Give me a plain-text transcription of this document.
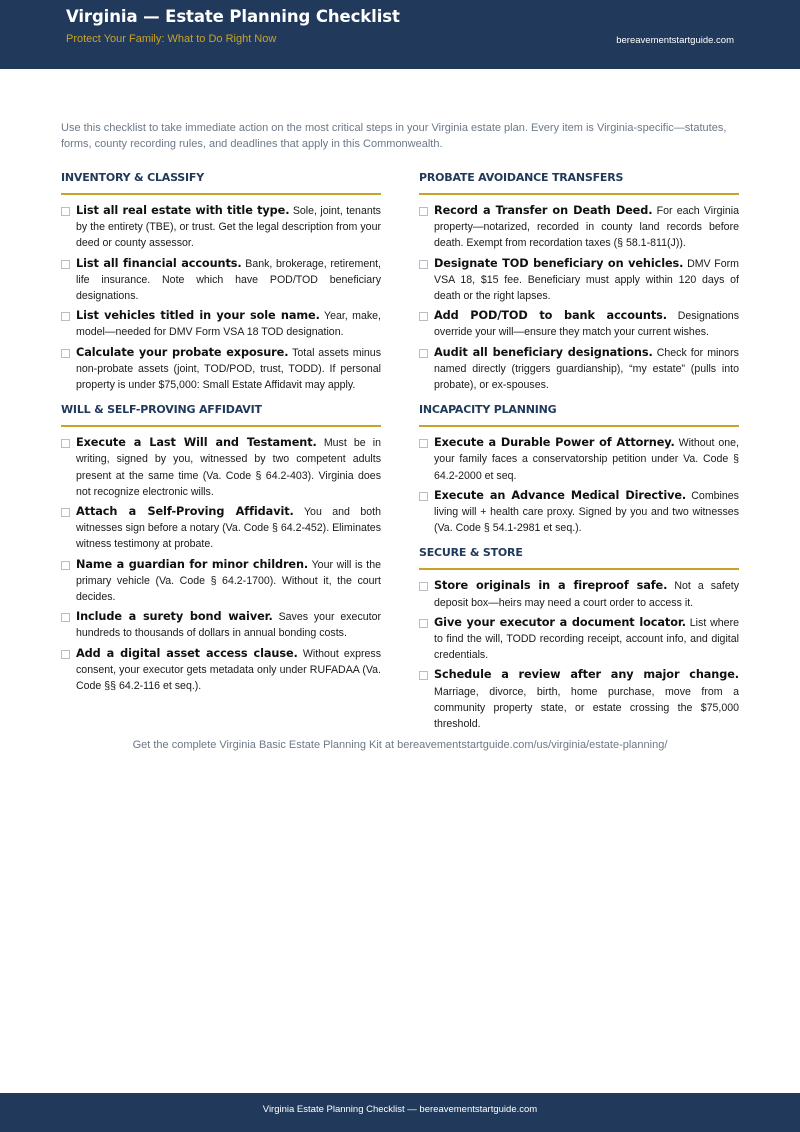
Virginia — Estate Planning Checklist
Protect Your Family: What to Do Right Now	bereavementstartguide.com

Use this checklist to take immediate action on the most critical steps in your Virginia estate plan. Every item is Virginia-specific—statutes, forms, county recording rules, and deadlines that apply in this Commonwealth.

INVENTORY & CLASSIFY
List all real estate with title type. Sole, joint, tenants by the entirety (TBE), or trust. Get the legal description from your deed or county assessor.
List all financial accounts. Bank, brokerage, retirement, life insurance. Note which have POD/TOD beneficiary designations.
List vehicles titled in your sole name. Year, make, model—needed for DMV Form VSA 18 TOD designation.
Calculate your probate exposure. Total assets minus non-probate assets (joint, TOD/POD, trust, TODD). If personal property is under $75,000: Small Estate Affidavit may apply.
WILL & SELF-PROVING AFFIDAVIT
Execute a Last Will and Testament. Must be in writing, signed by you, witnessed by two competent adults present at the same time (Va. Code § 64.2-403). Virginia does not recognize electronic wills.
Attach a Self-Proving Affidavit. You and both witnesses sign before a notary (Va. Code § 64.2-452). Eliminates witness testimony at probate.
Name a guardian for minor children. Your will is the primary vehicle (Va. Code § 64.2-1700). Without it, the court decides.
Include a surety bond waiver. Saves your executor hundreds to thousands of dollars in annual bonding costs.
Add a digital asset access clause. Without express consent, your executor gets metadata only under RUFADAA (Va. Code §§ 64.2-116 et seq.).
PROBATE AVOIDANCE TRANSFERS
Record a Transfer on Death Deed. For each Virginia property—notarized, recorded in county land records before death. Exempt from recordation taxes (§ 58.1-811(J)).
Designate TOD beneficiary on vehicles. DMV Form VSA 18, $15 fee. Beneficiary must apply within 120 days of death or the right lapses.
Add POD/TOD to bank accounts. Designations override your will—ensure they match your current wishes.
Audit all beneficiary designations. Check for minors named directly (triggers guardianship), “my estate” (pulls into probate), or ex-spouses.
INCAPACITY PLANNING
Execute a Durable Power of Attorney. Without one, your family faces a conservatorship petition under Va. Code § 64.2-2000 et seq.
Execute an Advance Medical Directive. Combines living will + health care proxy. Signed by you and two witnesses (Va. Code § 54.1-2981 et seq.).
SECURE & STORE
Store originals in a fireproof safe. Not a safety deposit box—heirs may need a court order to access it.
Give your executor a document locator. List where to find the will, TODD recording receipt, account info, and digital credentials.
Schedule a review after any major change. Marriage, divorce, birth, home purchase, move from a community property state, or estate crossing the $75,000 threshold.
Get the complete Virginia Basic Estate Planning Kit at bereavementstartguide.com/us/virginia/estate-planning/
Virginia Estate Planning Checklist — bereavementstartguide.com
